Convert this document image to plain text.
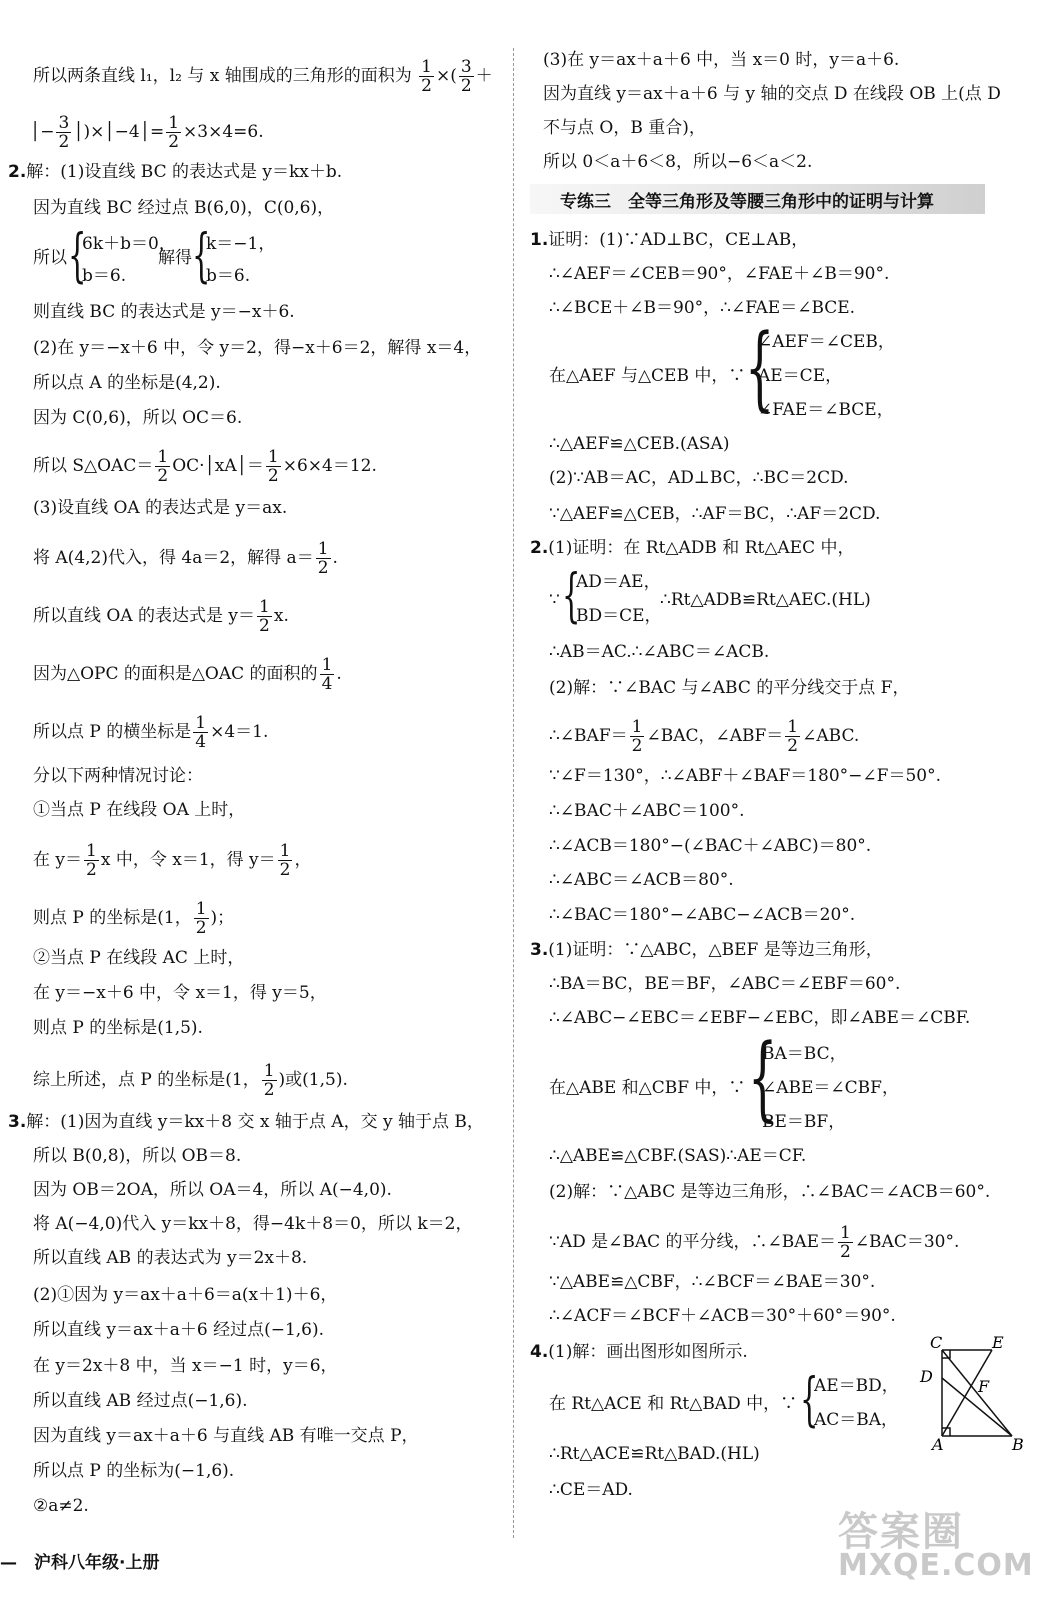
所以两条直线 l₁，l₂ 与 x 轴围成的三角形的面积为 $\frac{1}{2}$ ×( $\frac{3}{2}$ ＋
│− $\frac{3}{2}$ │)×│−4│= $\frac{1}{2} \times 3\times 4=6$.
2.解：(1)设直线 BC 的表达式是 y＝kx＋b.
因为直线 BC 经过点 B(6,0)，C(0,6)，
所以 {
6k＋b＝0，
b＝6.
解得 {
k＝−1，
b＝6.
则直线 BC 的表达式是 y＝−x＋6.
(2)在 y＝−x＋6 中，令 y＝2，得−x＋6＝2，解得 x＝4，
所以点 A 的坐标是(4,2).
因为 C(0,6)，所以 OC＝6.
所以 S△OAC＝ $\frac{1}{2}$ OC·│xA│＝ $\frac{1}{2} \times 6\times 4=12$.
(3)设直线 OA 的表达式是 y＝ax.
将 A(4,2)代入，得 4a＝2，解得 $a= \frac{1}{2}$ .
所以直线 OA 的表达式是 $y= \frac{1}{2} x$.
因为△OPC 的面积是△OAC 的面积的 $\frac{1}{4}$ .
所以点 P 的横坐标是 $\frac{1}{4} \times 4=1$.
分以下两种情况讨论：
①当点 P 在线段 OA 上时，
在 $y= \frac{1}{2}$ x 中，令 x＝1，得 $y= \frac{1}{2}$ ，
则点 P 的坐标是(1， $\frac{1}{2}$ )；
②当点 P 在线段 AC 上时，
在 y＝−x＋6 中，令 x＝1，得 y＝5，
则点 P 的坐标是(1,5).
综上所述，点 P 的坐标是(1， $\frac{1}{2}$ )或(1,5).
3.解：(1)因为直线 y＝kx＋8 交 x 轴于点 A，交 y 轴于点 B，
所以 B(0,8)，所以 OB＝8.
因为 OB＝2OA，所以 OA＝4，所以 A(−4,0).
将 A(−4,0)代入 y＝kx＋8，得−4k＋8＝0，所以 k＝2，
所以直线 AB 的表达式为 y＝2x＋8.
(2)①因为 y＝ax＋a＋6＝a(x＋1)＋6，
所以直线 y＝ax＋a＋6 经过点(−1,6).
在 y＝2x＋8 中，当 x＝−1 时，y＝6，
所以直线 AB 经过点(−1,6).
因为直线 y＝ax＋a＋6 与直线 AB 有唯一交点 P，
所以点 P 的坐标为(−1,6).
②a≠2.
(3)在 y＝ax＋a＋6 中，当 x＝0 时，y＝a＋6.
因为直线 y＝ax＋a＋6 与 y 轴的交点 D 在线段 OB 上(点 D
不与点 O，B 重合)，
所以 0＜a＋6＜8，所以−6＜a＜2.
专练三　全等三角形及等腰三角形中的证明与计算
1.证明：(1)∵AD⊥BC，CE⊥AB，
∴∠AEF＝∠CEB＝90°，∠FAE＋∠B＝90°.
∴∠BCE＋∠B＝90°，∴∠FAE＝∠BCE.
在△AEF 与△CEB 中，∵ {
∠AEF＝∠CEB，
AE＝CE，
∠FAE＝∠BCE，
∴△AEF≌△CEB.(ASA)
(2)∵AB＝AC，AD⊥BC，∴BC＝2CD.
∵△AEF≌△CEB，∴AF＝BC，∴AF＝2CD.
2.(1)证明：在 Rt△ADB 和 Rt△AEC 中，
∵ {
AD＝AE，
BD＝CE，
∴Rt△ADB≌Rt△AEC.(HL)
∴AB＝AC.∴∠ABC＝∠ACB.
(2)解：∵∠BAC 与∠ABC 的平分线交于点 F，
∴∠BAF＝ $\frac{1}{2}$ ∠BAC，∠ABF＝ $\frac{1}{2}$ ∠ABC.
∵∠F＝130°，∴∠ABF＋∠BAF＝180°−∠F＝50°.
∴∠BAC＋∠ABC＝100°.
∴∠ACB＝180°−(∠BAC＋∠ABC)＝80°.
∴∠ABC＝∠ACB＝80°.
∴∠BAC＝180°−∠ABC−∠ACB＝20°.
3.(1)证明：∵△ABC，△BEF 是等边三角形，
∴BA＝BC，BE＝BF，∠ABC＝∠EBF＝60°.
∴∠ABC−∠EBC＝∠EBF−∠EBC，即∠ABE＝∠CBF.
在△ABE 和△CBF 中，∵ {
BA＝BC，
∠ABE＝∠CBF，
BE＝BF，
∴△ABE≌△CBF.(SAS)∴AE＝CF.
(2)解：∵△ABC 是等边三角形，∴∠BAC＝∠ACB＝60°.
∵AD 是∠BAC 的平分线，∴∠BAE＝ $\frac{1}{2}$ ∠BAC＝30°.
∵△ABE≌△CBF，∴∠BCF＝∠BAE＝30°.
∴∠ACF＝∠BCF＋∠ACB＝30°＋60°＝90°.
4.(1)解：画出图形如图所示.
在 Rt△ACE 和 Rt△BAD 中，∵ {
AE＝BD，
AC＝BA，
∴Rt△ACE≌Rt△BAD.(HL)
∴CE＝AD.
C	E
D
F
A	B
—　沪科八年级·上册
答案圈
MXQE.COM
